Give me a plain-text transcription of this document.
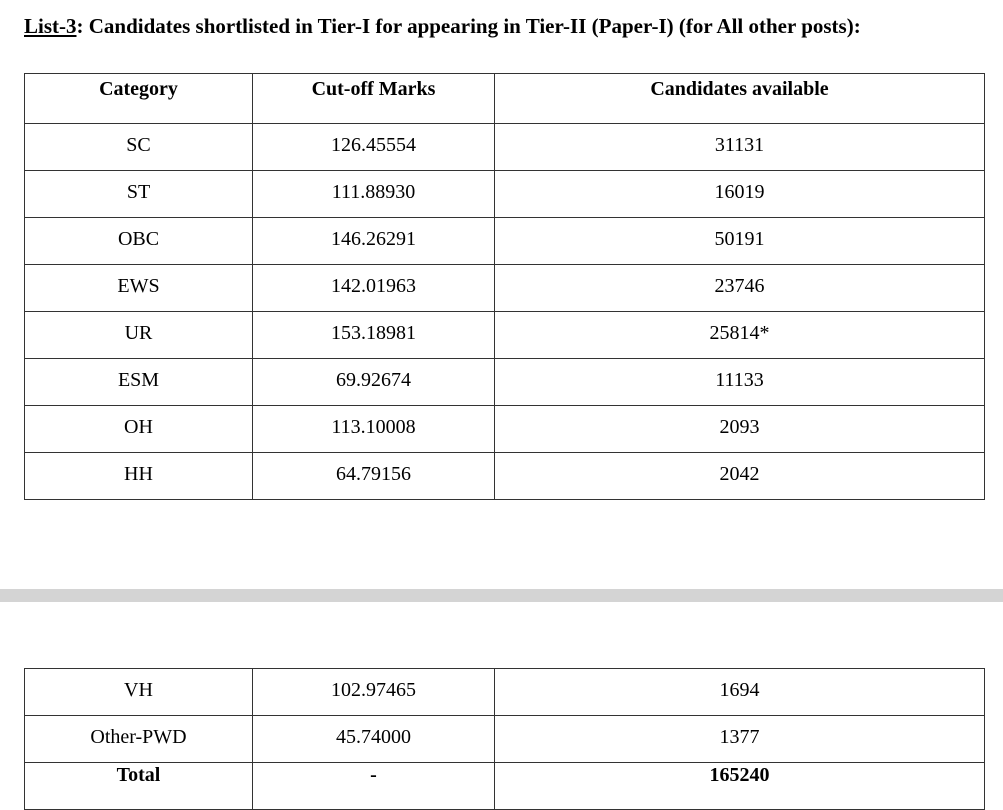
List-3: Candidates shortlisted in Tier-I for appearing in Tier-II (Paper-I) (for All other posts):
Category	Cut-off Marks	Candidates available

SC	126.45554	31131

ST	111.88930	16019

OBC	146.26291	50191

EWS	142.01963	23746

UR	153.18981	25814*

ESM	69.92674	11133

OH	113.10008	2093

HH	64.79156	2042
VH	102.97465	1694

Other-PWD	45.74000	1377

Total	-	165240
